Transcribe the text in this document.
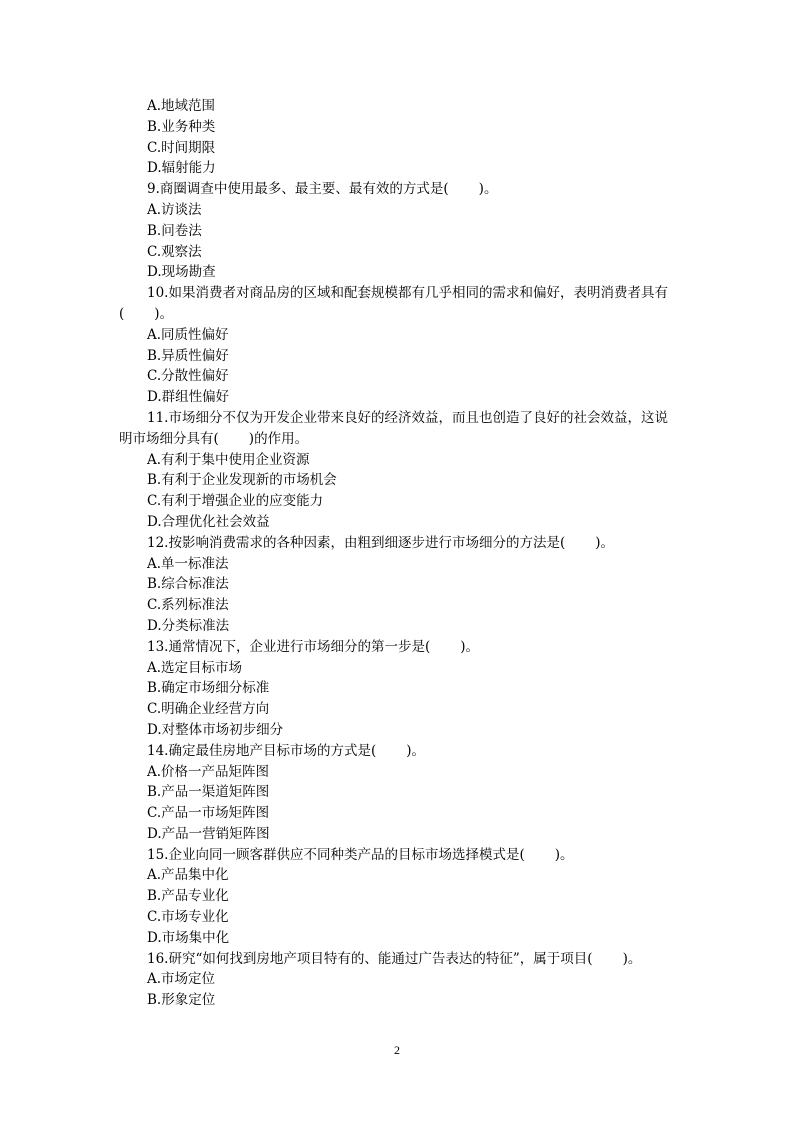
A.地域范围
B.业务种类
C.时间期限
D.辐射能力
9.商圈调查中使用最多、最主要、最有效的方式是(       )。
A.访谈法
B.问卷法
C.观察法
D.现场勘查
10.如果消费者对商品房的区域和配套规模都有几乎相同的需求和偏好，表明消费者具有(       )。
A.同质性偏好
B.异质性偏好
C.分散性偏好
D.群组性偏好
11.市场细分不仅为开发企业带来良好的经济效益，而且也创造了良好的社会效益，这说明市场细分具有(       )的作用。
A.有利于集中使用企业资源
B.有利于企业发现新的市场机会
C.有利于增强企业的应变能力
D.合理优化社会效益
12.按影响消费需求的各种因素，由粗到细逐步进行市场细分的方法是(       )。
A.单一标准法
B.综合标准法
C.系列标准法
D.分类标准法
13.通常情况下，企业进行市场细分的第一步是(       )。
A.选定目标市场
B.确定市场细分标准
C.明确企业经营方向
D.对整体市场初步细分
14.确定最佳房地产目标市场的方式是(       )。
A.价格一产品矩阵图
B.产品一渠道矩阵图
C.产品一市场矩阵图
D.产品一营销矩阵图
15.企业向同一顾客群供应不同种类产品的目标市场选择模式是(       )。
A.产品集中化
B.产品专业化
C.市场专业化
D.市场集中化
16.研究“如何找到房地产项目特有的、能通过广告表达的特征”，属于项目(       )。
A.市场定位
B.形象定位
2
